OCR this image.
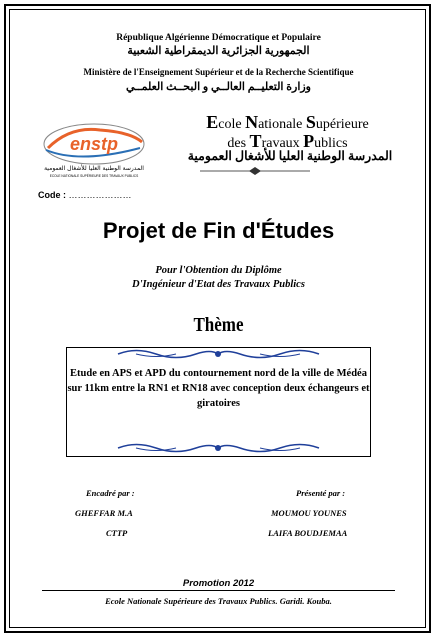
République Algérienne Démocratique et Populaire
الجمهورية الجزائرية الديمقراطية الشعبية
Ministère de l'Enseignement Supérieur et de la Recherche Scientifique
وزارة التعليــم العالــي و البحــث العلمــي
enstp
المدرسة الوطنية العليا للأشغال العمومية
ECOLE NATIONALE SUPÉRIEURE DES TRAVAUX PUBLICS
Ecole Nationale Supérieure
des Travaux Publics
المدرسة الوطنية العليا للأشغال العمومية
Code : …………………
Projet de Fin d'Études
Pour l'Obtention du Diplôme
D'Ingénieur d'Etat des Travaux Publics
Thème
Etude en APS et APD du contournement nord de la ville de Médéa sur 11km entre la RN1 et RN18 avec conception deux échangeurs et giratoires
Encadré par :
GHEFFAR M.A
CTTP
Présenté par :
MOUMOU YOUNES
LAIFA BOUDJEMAA
Promotion 2012
Ecole Nationale Supérieure des Travaux Publics. Garidi. Kouba.
